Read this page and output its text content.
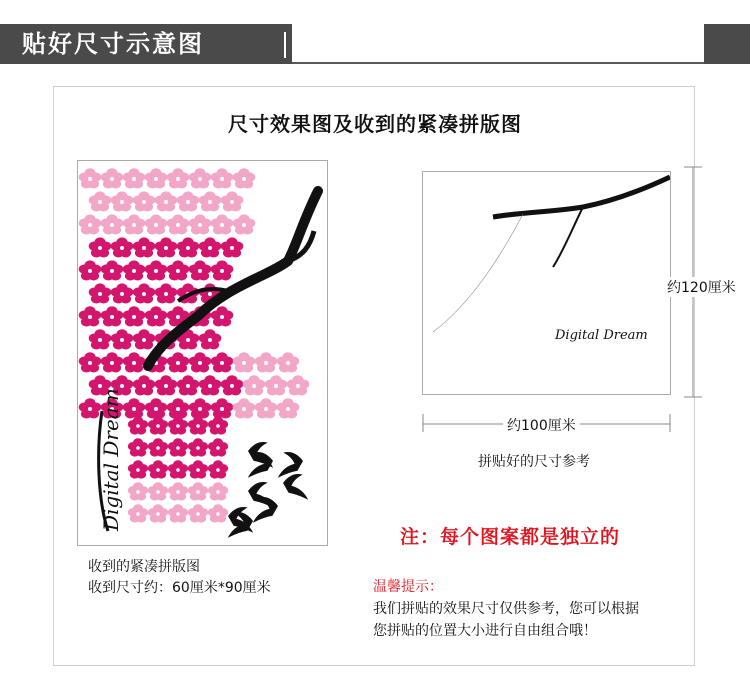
贴好尺寸示意图
尺寸效果图及收到的紧凑拼版图
Digital Dream
收到的紧凑拼版图
收到尺寸约：60厘米*90厘米
Digital Dream
约120厘米
约100厘米
拼贴好的尺寸参考
注：每个图案都是独立的
温馨提示：
我们拼贴的效果尺寸仅供参考，您可以根据
您拼贴的位置大小进行自由组合哦！
